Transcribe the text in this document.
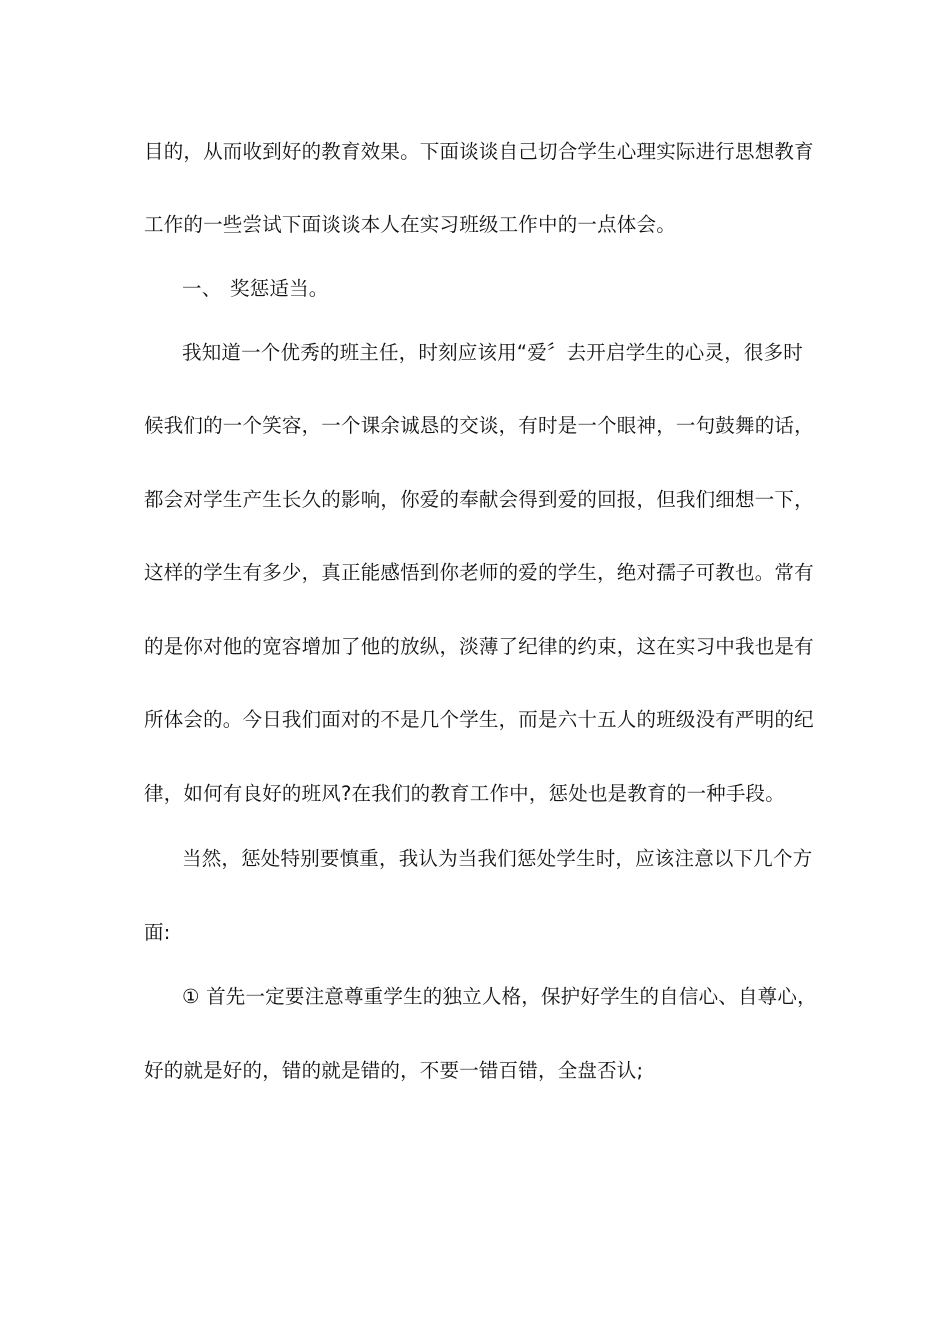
目的，从而收到好的教育效果。下面谈谈自己切合学生心理实际进行思想教育
工作的一些尝试下面谈谈本人在实习班级工作中的一点体会。
一、 奖惩适当。
我知道一个优秀的班主任，时刻应该用“爱〞去开启学生的心灵，很多时
候我们的一个笑容，一个课余诚恳的交谈，有时是一个眼神，一句鼓舞的话，
都会对学生产生长久的影响，你爱的奉献会得到爱的回报，但我们细想一下，
这样的学生有多少，真正能感悟到你老师的爱的学生，绝对孺子可教也。常有
的是你对他的宽容增加了他的放纵，淡薄了纪律的约束，这在实习中我也是有
所体会的。今日我们面对的不是几个学生，而是六十五人的班级没有严明的纪
律，如何有良好的班风?在我们的教育工作中，惩处也是教育的一种手段。
当然，惩处特别要慎重，我认为当我们惩处学生时，应该注意以下几个方
面:
① 首先一定要注意尊重学生的独立人格，保护好学生的自信心、自尊心，
好的就是好的，错的就是错的，不要一错百错，全盘否认;
